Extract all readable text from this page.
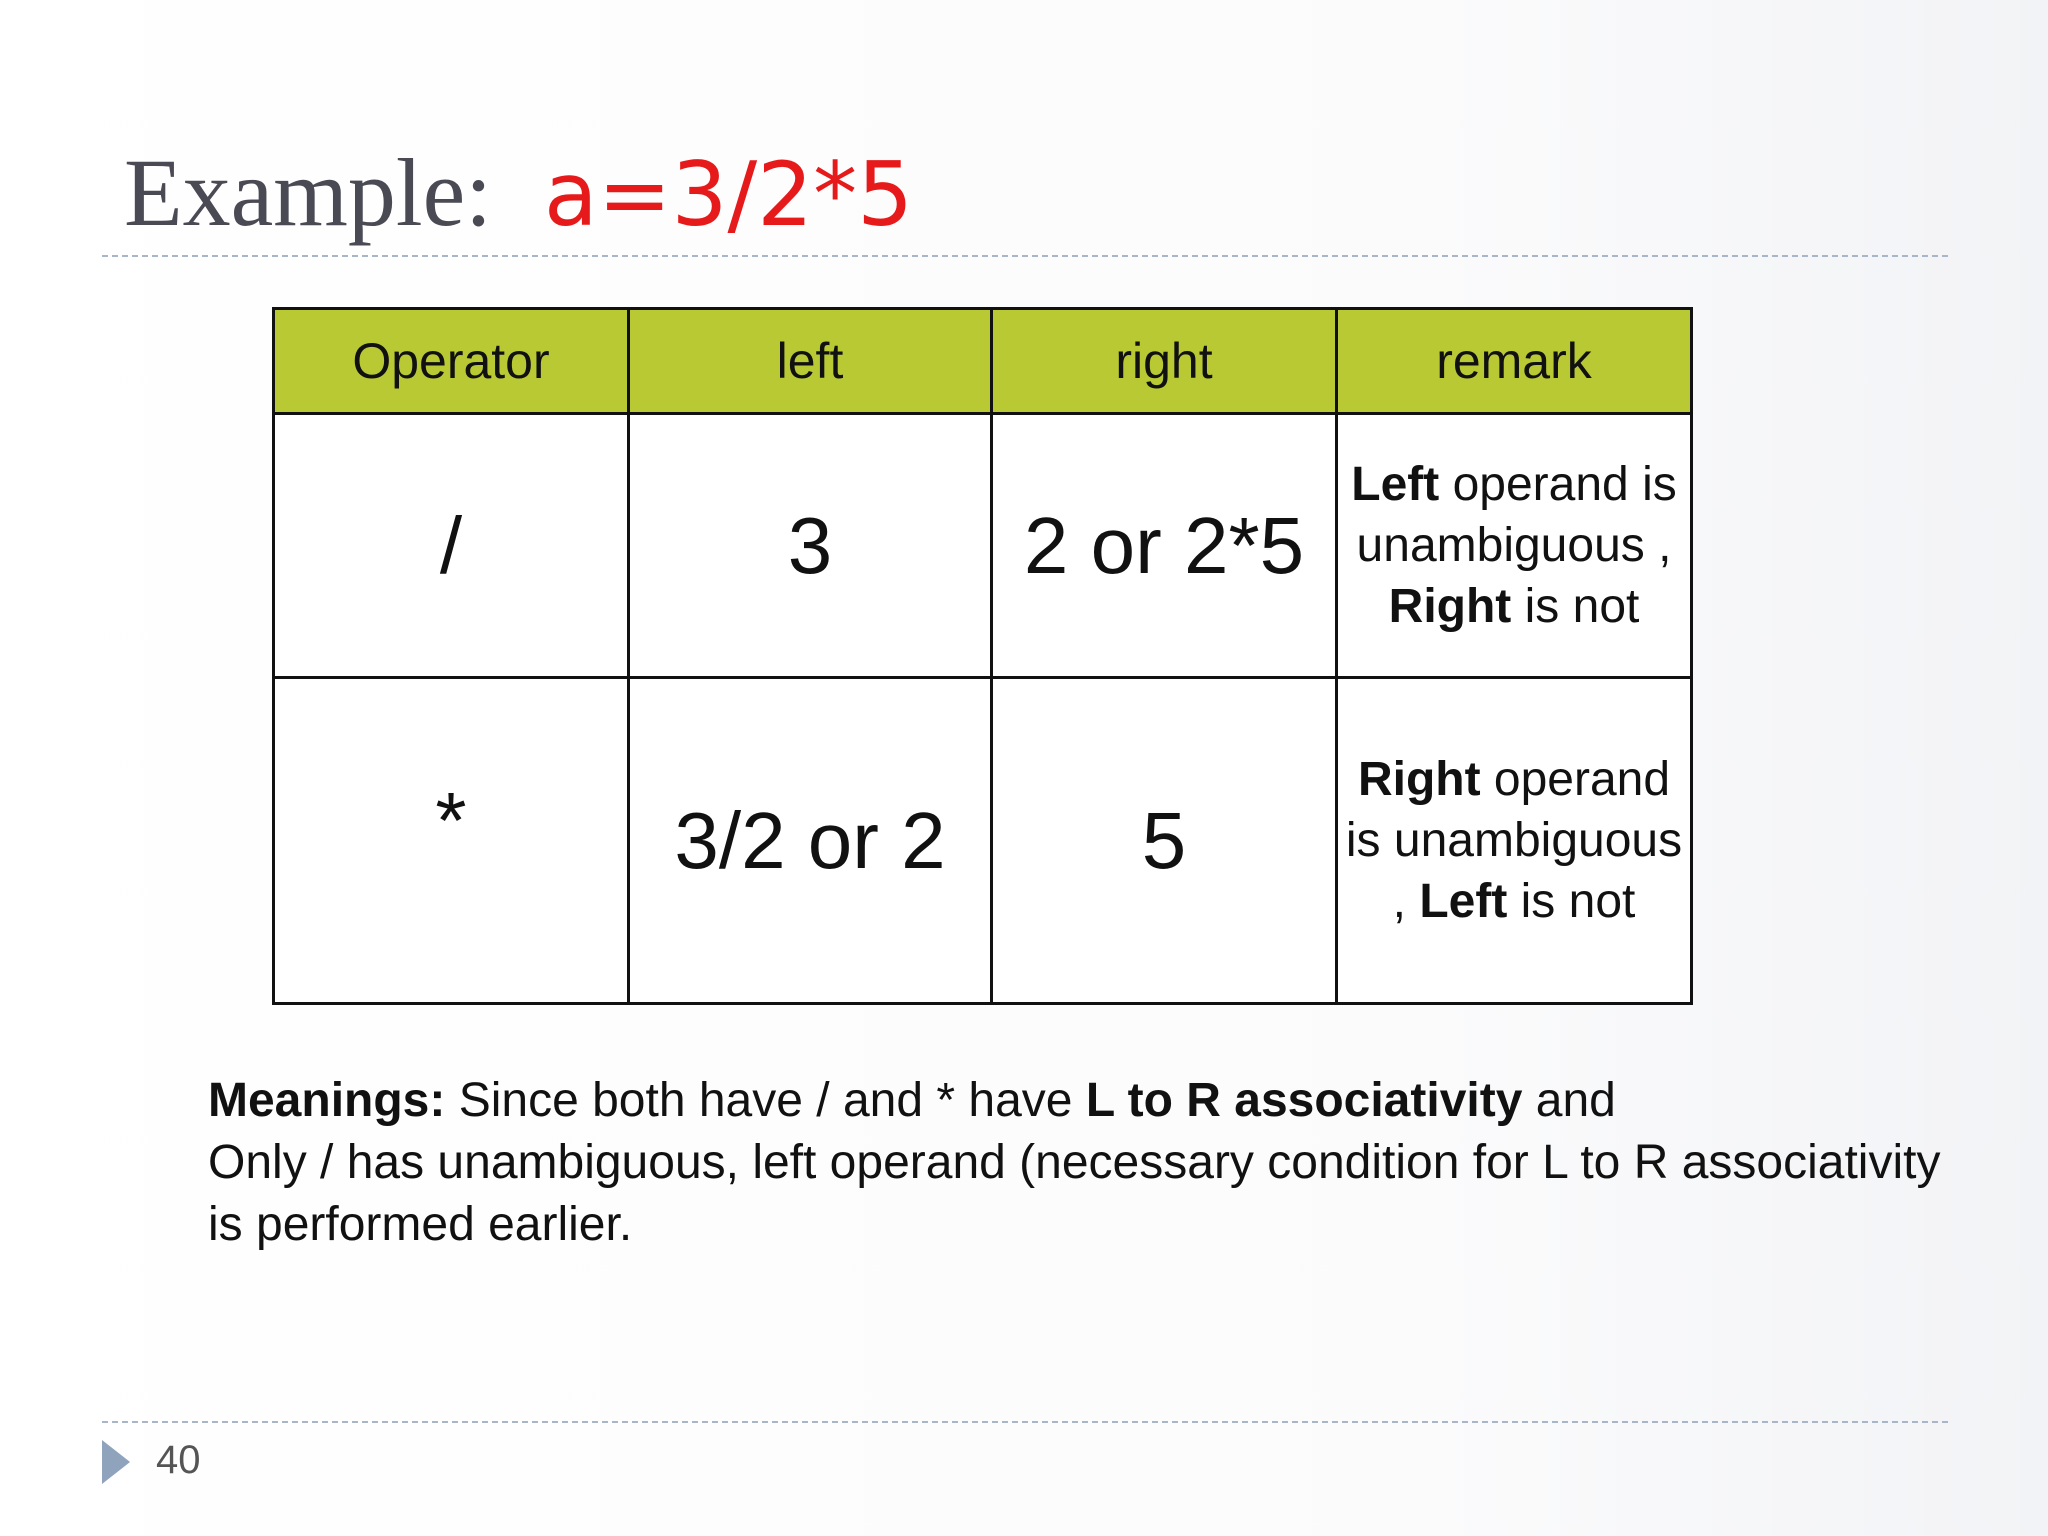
Example: a=3/2*5
Operator	left	right	remark
/	3	2 or 2*5	Left operand is unambiguous , Right is not
*	3/2 or 2	5	Right operand is unambiguous , Left is not
Meanings: Since both have / and * have L to R associativity and
Only / has unambiguous, left operand (necessary condition for L to R associativity
is performed earlier.
40
